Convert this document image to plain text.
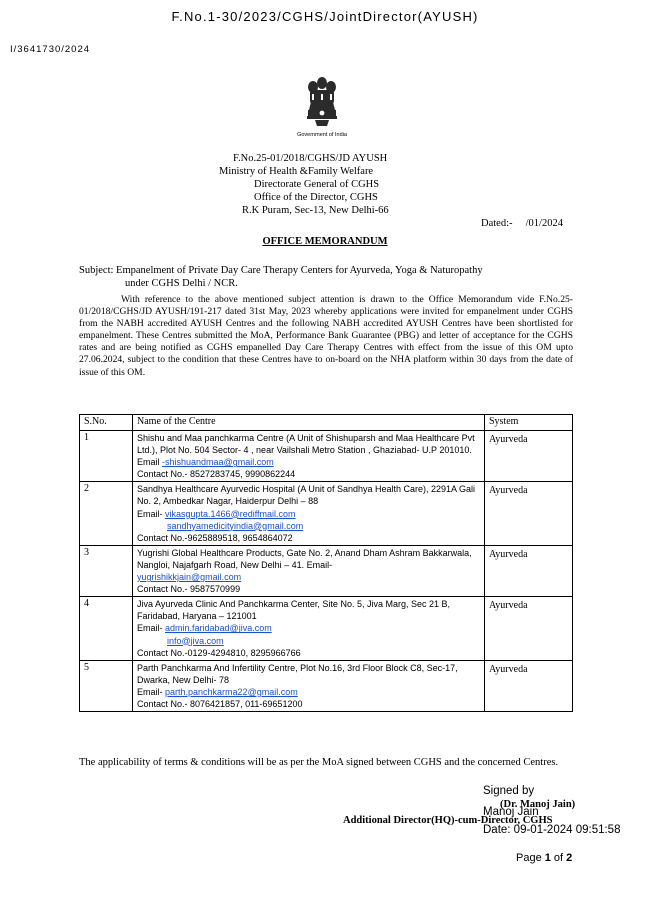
F.No.1-30/2023/CGHS/JointDirector(AYUSH)
I/3641730/2024
Government of India
F.No.25-01/2018/CGHS/JD AYUSH
Ministry of Health &Family Welfare
Directorate General of CGHS
Office of the Director, CGHS
R.K Puram, Sec-13, New Delhi-66
Dated:-     /01/2024
OFFICE MEMORANDUM
Subject: Empanelment of Private Day Care Therapy Centers for Ayurveda, Yoga & Naturopathy
under CGHS Delhi / NCR.
With reference to the above mentioned subject attention is drawn to the Office Memorandum vide F.No.25-01/2018/CGHS/JD AYUSH/191-217 dated 31st May, 2023 whereby applications were invited for empanelment under CGHS from the NABH accredited AYUSH Centres and the following NABH accredited AYUSH Centres have been shortlisted for empanelment. These Centres submitted the MoA, Performance Bank Guarantee (PBG) and letter of acceptance for the CGHS rates and are being notified as CGHS empanelled Day Care Therapy Centres with effect from the issue of this OM upto 27.06.2024, subject to the condition that these Centres have to on-board on the NHA platform within 30 days from the date of issue of this OM.
S.No.	Name of the Centre	System
1	Shishu and Maa panchkarma Centre (A Unit of Shishuparsh and Maa Healthcare Pvt Ltd.), Plot No. 504 Sector- 4 , near Vailshali Metro Station , Ghaziabad- U.P 201010. Email -shishuandmaa@gmail.com
Contact No.- 8527283745, 9990862244	Ayurveda
2	Sandhya Healthcare Ayurvedic Hospital (A Unit of Sandhya Health Care), 2291A Gali No. 2, Ambedkar Nagar, Haiderpur Delhi – 88
Email- vikasgupta.1466@rediffmail.com
sandhyamedicityindia@gmail.com
Contact No.-9625889518, 9654864072	Ayurveda
3	Yugrishi Global Healthcare Products, Gate No. 2, Anand Dham Ashram Bakkarwala, Nangloi, Najafgarh Road, New Delhi – 41. Email-
yugrishikkjain@gmail.com
Contact No.- 9587570999	Ayurveda
4	Jiva Ayurveda Clinic And Panchkarma Center, Site No. 5, Jiva Marg, Sec 21 B, Faridabad, Haryana – 121001
Email- admin.faridabad@jiva.com
info@jiva.com
Contact No.-0129-4294810, 8295966766	Ayurveda
5	Parth Panchkarma And Infertility Centre, Plot No.16, 3rd Floor Block C8, Sec-17, Dwarka, New Delhi- 78
Email- parth.panchkarma22@gmail.com
Contact No.- 8076421857, 011-69651200	Ayurveda
The applicability of terms & conditions will be as per the MoA signed between CGHS and the concerned Centres.
Signed by
(Dr. Manoj Jain)
Manoj Jain
Additional Director(HQ)-cum-Director, CGHS
Date: 09-01-2024 09:51:58
Page 1 of 2
